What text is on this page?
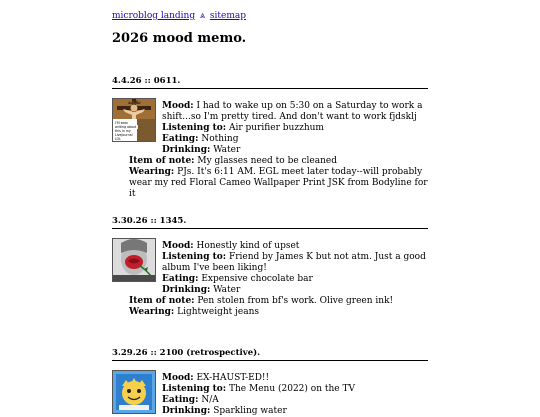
microblog landing ⩓ sitemap
2026 mood memo.
4.4.26 :: 0611.
I'M seen
writing about
this in my
Livejournal
LOL
Mood: I had to wake up on 5:30 on a Saturday to work a shift...so I'm pretty tired. And don't want to work fjdsklj
Listening to: Air purifier buzzhum
Eating: Nothing
Drinking: Water
Item of note: My glasses need to be cleaned
Wearing: PJs. It's 6:11 AM. EGL meet later today--will probably wear my red Floral Cameo Wallpaper Print JSK from Bodyline for it
3.30.26 :: 1345.
Mood: Honestly kind of upset
Listening to: Friend by James K but not atm. Just a good album I've been liking!
Eating: Expensive chocolate bar
Drinking: Water
Item of note: Pen stolen from bf's work. Olive green ink!
Wearing: Lightweight jeans
3.29.26 :: 2100 (retrospective).
Mood: EX-HAUST-ED!!
Listening to: The Menu (2022) on the TV
Eating: N/A
Drinking: Sparkling water
